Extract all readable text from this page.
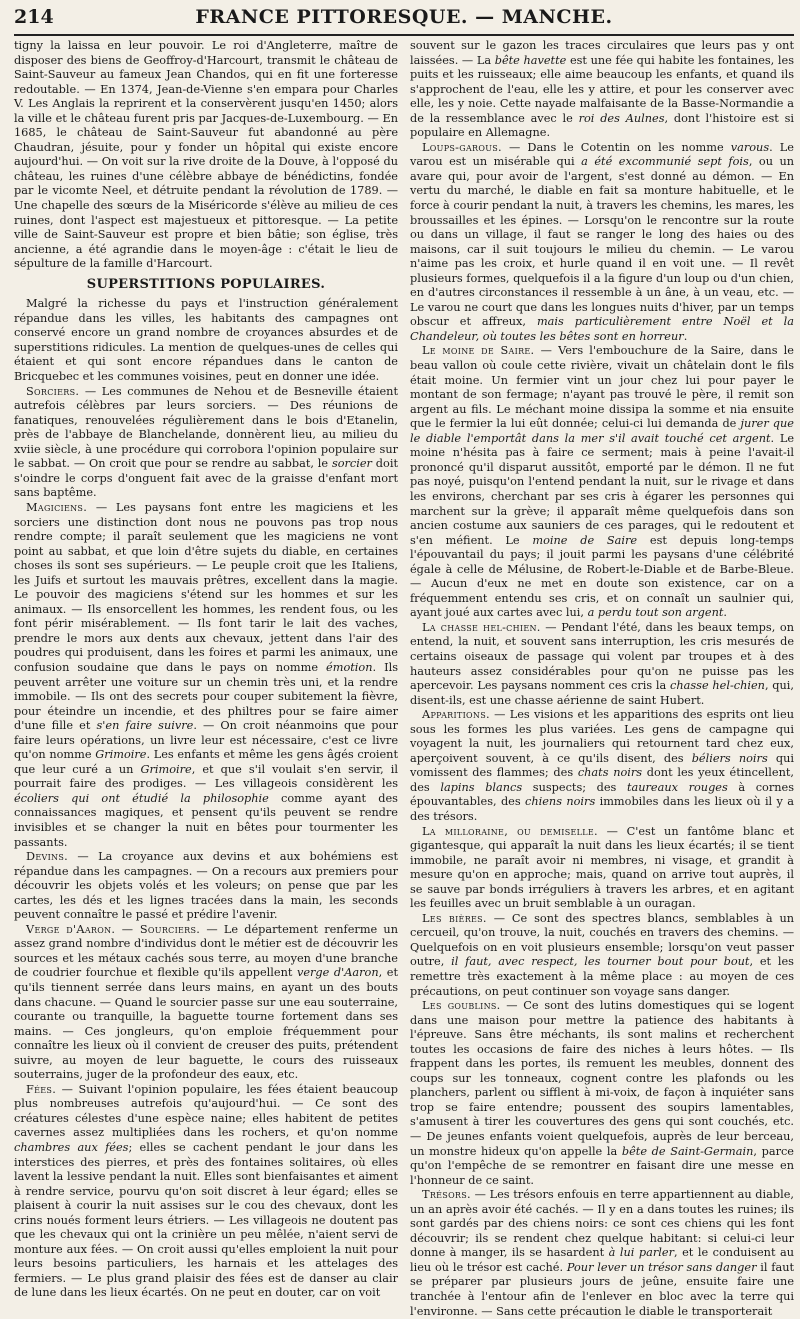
214	FRANCE PITTORESQUE. — MANCHE.

tigny la laissa en leur pouvoir. Le roi d'Angleterre, maître de disposer des biens de Geoffroy-d'Harcourt, transmit le château de Saint-Sauveur au fameux Jean Chandos, qui en fit une forteresse redoutable. — En 1374, Jean-de-Vienne s'en empara pour Charles V. Les Anglais la reprirent et la conservèrent jusqu'en 1450; alors la ville et le château furent pris par Jacques-de-Luxembourg. — En 1685, le château de Saint-Sauveur fut abandonné au père Chaudran, jésuite, pour y fonder un hôpital qui existe encore aujourd'hui. — On voit sur la rive droite de la Douve, à l'opposé du château, les ruines d'une célèbre abbaye de bénédictins, fondée par le vicomte Neel, et détruite pendant la révolution de 1789. — Une chapelle des sœurs de la Miséricorde s'élève au milieu de ces ruines, dont l'aspect est majestueux et pittoresque. — La petite ville de Saint-Sauveur est propre et bien bâtie; son église, très ancienne, a été agrandie dans le moyen-âge : c'était le lieu de sépulture de la famille d'Harcourt.

SUPERSTITIONS POPULAIRES.

Malgré la richesse du pays et l'instruction généralement répandue dans les villes, les habitants des campagnes ont conservé encore un grand nombre de croyances absurdes et de superstitions ridicules. La mention de quelques-unes de celles qui étaient et qui sont encore répandues dans le canton de Bricquebec et les communes voisines, peut en donner une idée.

Sorciers. — Les communes de Nehou et de Besneville étaient autrefois célèbres par leurs sorciers. — Des réunions de fanatiques, renouvelées régulièrement dans le bois d'Etanelin, près de l'abbaye de Blanchelande, donnèrent lieu, au milieu du xviie siècle, à une procédure qui corrobora l'opinion populaire sur le sabbat. — On croit que pour se rendre au sabbat, le sorcier doit s'oindre le corps d'onguent fait avec de la graisse d'enfant mort sans baptême.

Magiciens. — Les paysans font entre les magiciens et les sorciers une distinction dont nous ne pouvons pas trop nous rendre compte; il paraît seulement que les magiciens ne vont point au sabbat, et que loin d'être sujets du diable, en certaines choses ils sont ses supérieurs. — Le peuple croit que les Italiens, les Juifs et surtout les mauvais prêtres, excellent dans la magie. Le pouvoir des magiciens s'étend sur les hommes et sur les animaux. — Ils ensorcellent les hommes, les rendent fous, ou les font périr misérablement. — Ils font tarir le lait des vaches, prendre le mors aux dents aux chevaux, jettent dans l'air des poudres qui produisent, dans les foires et parmi les animaux, une confusion soudaine que dans le pays on nomme émotion. Ils peuvent arrêter une voiture sur un chemin très uni, et la rendre immobile. — Ils ont des secrets pour couper subitement la fièvre, pour éteindre un incendie, et des philtres pour se faire aimer d'une fille et s'en faire suivre. — On croit néanmoins que pour faire leurs opérations, un livre leur est nécessaire, c'est ce livre qu'on nomme Grimoire. Les enfants et même les gens âgés croient que leur curé a un Grimoire, et que s'il voulait s'en servir, il pourrait faire des prodiges. — Les villageois considèrent les écoliers qui ont étudié la philosophie comme ayant des connaissances magiques, et pensent qu'ils peuvent se rendre invisibles et se changer la nuit en bêtes pour tourmenter les passants.

Devins. — La croyance aux devins et aux bohémiens est répandue dans les campagnes. — On a recours aux premiers pour découvrir les objets volés et les voleurs; on pense que par les cartes, les dés et les lignes tracées dans la main, les seconds peuvent connaître le passé et prédire l'avenir.

Verge d'Aaron. — Sourciers. — Le département renferme un assez grand nombre d'individus dont le métier est de découvrir les sources et les métaux cachés sous terre, au moyen d'une branche de coudrier fourchue et flexible qu'ils appellent verge d'Aaron, et qu'ils tiennent serrée dans leurs mains, en ayant un des bouts dans chacune. — Quand le sourcier passe sur une eau souterraine, courante ou tranquille, la baguette tourne fortement dans ses mains. — Ces jongleurs, qu'on emploie fréquemment pour connaître les lieux où il convient de creuser des puits, prétendent suivre, au moyen de leur baguette, le cours des ruisseaux souterrains, juger de la profondeur des eaux, etc.

Fées. — Suivant l'opinion populaire, les fées étaient beaucoup plus nombreuses autrefois qu'aujourd'hui. — Ce sont des créatures célestes d'une espèce naine; elles habitent de petites cavernes assez multipliées dans les rochers, et qu'on nomme chambres aux fées; elles se cachent pendant le jour dans les interstices des pierres, et près des fontaines solitaires, où elles lavent la lessive pendant la nuit. Elles sont bienfaisantes et aiment à rendre service, pourvu qu'on soit discret à leur égard; elles se plaisent à courir la nuit assises sur le cou des chevaux, dont les crins noués forment leurs étriers. — Les villageois ne doutent pas que les chevaux qui ont la crinière un peu mêlée, n'aient servi de monture aux fées. — On croit aussi qu'elles emploient la nuit pour leurs besoins particuliers, les harnais et les attelages des fermiers. — Le plus grand plaisir des fées est de danser au clair de lune dans les lieux écartés. On ne peut en douter, car on voit

souvent sur le gazon les traces circulaires que leurs pas y ont laissées. — La bête havette est une fée qui habite les fontaines, les puits et les ruisseaux; elle aime beaucoup les enfants, et quand ils s'approchent de l'eau, elle les y attire, et pour les conserver avec elle, les y noie. Cette nayade malfaisante de la Basse-Normandie a de la ressemblance avec le roi des Aulnes, dont l'histoire est si populaire en Allemagne.

Loups-garous. — Dans le Cotentin on les nomme varous. Le varou est un misérable qui a été excommunié sept fois, ou un avare qui, pour avoir de l'argent, s'est donné au démon. — En vertu du marché, le diable en fait sa monture habituelle, et le force à courir pendant la nuit, à travers les chemins, les mares, les broussailles et les épines. — Lorsqu'on le rencontre sur la route ou dans un village, il faut se ranger le long des haies ou des maisons, car il suit toujours le milieu du chemin. — Le varou n'aime pas les croix, et hurle quand il en voit une. — Il revêt plusieurs formes, quelquefois il a la figure d'un loup ou d'un chien, en d'autres circonstances il ressemble à un âne, à un veau, etc. — Le varou ne court que dans les longues nuits d'hiver, par un temps obscur et affreux, mais particulièrement entre Noël et la Chandeleur, où toutes les bêtes sont en horreur.

Le moine de Saire. — Vers l'embouchure de la Saire, dans le beau vallon où coule cette rivière, vivait un châtelain dont le fils était moine. Un fermier vint un jour chez lui pour payer le montant de son fermage; n'ayant pas trouvé le père, il remit son argent au fils. Le méchant moine dissipa la somme et nia ensuite que le fermier la lui eût donnée; celui-ci lui demanda de jurer que le diable l'emportât dans la mer s'il avait touché cet argent. Le moine n'hésita pas à faire ce serment; mais à peine l'avait-il prononcé qu'il disparut aussitôt, emporté par le démon. Il ne fut pas noyé, puisqu'on l'entend pendant la nuit, sur le rivage et dans les environs, cherchant par ses cris à égarer les personnes qui marchent sur la grève; il apparaît même quelquefois dans son ancien costume aux sauniers de ces parages, qui le redoutent et s'en méfient. Le moine de Saire est depuis long-temps l'épouvantail du pays; il jouit parmi les paysans d'une célébrité égale à celle de Mélusine, de Robert-le-Diable et de Barbe-Bleue. — Aucun d'eux ne met en doute son existence, car on a fréquemment entendu ses cris, et on connaît un saulnier qui, ayant joué aux cartes avec lui, a perdu tout son argent.

La chasse hel-chien. — Pendant l'été, dans les beaux temps, on entend, la nuit, et souvent sans interruption, les cris mesurés de certains oiseaux de passage qui volent par troupes et à des hauteurs assez considérables pour qu'on ne puisse pas les apercevoir. Les paysans nomment ces cris la chasse hel-chien, qui, disent-ils, est une chasse aérienne de saint Hubert.

Apparitions. — Les visions et les apparitions des esprits ont lieu sous les formes les plus variées. Les gens de campagne qui voyagent la nuit, les journaliers qui retournent tard chez eux, aperçoivent souvent, à ce qu'ils disent, des béliers noirs qui vomissent des flammes; des chats noirs dont les yeux étincellent, des lapins blancs suspects; des taureaux rouges à cornes épouvantables, des chiens noirs immobiles dans les lieux où il y a des trésors.

La milloraine, ou demiselle. — C'est un fantôme blanc et gigantesque, qui apparaît la nuit dans les lieux écartés; il se tient immobile, ne paraît avoir ni membres, ni visage, et grandit à mesure qu'on en approche; mais, quand on arrive tout auprès, il se sauve par bonds irréguliers à travers les arbres, et en agitant les feuilles avec un bruit semblable à un ouragan.

Les bières. — Ce sont des spectres blancs, semblables à un cercueil, qu'on trouve, la nuit, couchés en travers des chemins. — Quelquefois on en voit plusieurs ensemble; lorsqu'on veut passer outre, il faut, avec respect, les tourner bout pour bout, et les remettre très exactement à la même place : au moyen de ces précautions, on peut continuer son voyage sans danger.

Les goublins. — Ce sont des lutins domestiques qui se logent dans une maison pour mettre la patience des habitants à l'épreuve. Sans être méchants, ils sont malins et recherchent toutes les occasions de faire des niches à leurs hôtes. — Ils frappent dans les portes, ils remuent les meubles, donnent des coups sur les tonneaux, cognent contre les plafonds ou les planchers, parlent ou sifflent à mi-voix, de façon à inquiéter sans trop se faire entendre; poussent des soupirs lamentables, s'amusent à tirer les couvertures des gens qui sont couchés, etc. — De jeunes enfants voient quelquefois, auprès de leur berceau, un monstre hideux qu'on appelle la bête de Saint-Germain, parce qu'on l'empêche de se remontrer en faisant dire une messe en l'honneur de ce saint.

Trésors. — Les trésors enfouis en terre appartiennent au diable, un an après avoir été cachés. — Il y en a dans toutes les ruines; ils sont gardés par des chiens noirs: ce sont ces chiens qui les font découvrir; ils se rendent chez quelque habitant: si celui-ci leur donne à manger, ils se hasardent à lui parler, et le conduisent au lieu où le trésor est caché. Pour lever un trésor sans danger il faut se préparer par plusieurs jours de jeûne, ensuite faire une tranchée à l'entour afin de l'enlever en bloc avec la terre qui l'environne. — Sans cette précaution le diable le transporterait
